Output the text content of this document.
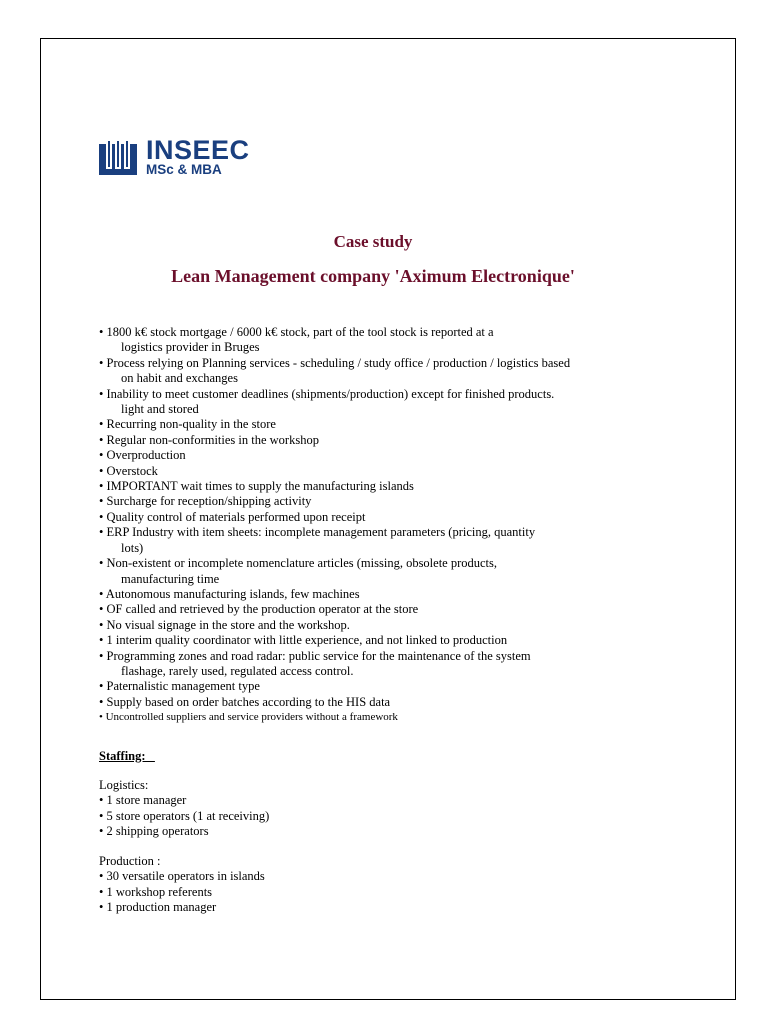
INSEEC
MSc & MBA
Case study
Lean Management company 'Aximum Electronique'
• 1800 k€ stock mortgage / 6000 k€ stock, part of the tool stock is reported at a
logistics provider in Bruges
• Process relying on Planning services - scheduling / study office / production / logistics based
on habit and exchanges
• Inability to meet customer deadlines (shipments/production) except for finished products.
light and stored
• Recurring non-quality in the store
• Regular non-conformities in the workshop
• Overproduction
• Overstock
• IMPORTANT wait times to supply the manufacturing islands
• Surcharge for reception/shipping activity
• Quality control of materials performed upon receipt
• ERP Industry with item sheets: incomplete management parameters (pricing, quantity
lots)
• Non-existent or incomplete nomenclature articles (missing, obsolete products,
manufacturing time
• Autonomous manufacturing islands, few machines
• OF called and retrieved by the production operator at the store
• No visual signage in the store and the workshop.
• 1 interim quality coordinator with little experience, and not linked to production
• Programming zones and road radar: public service for the maintenance of the system
flashage, rarely used, regulated access control.
• Paternalistic management type
• Supply based on order batches according to the HIS data
• Uncontrolled suppliers and service providers without a framework
Staffing:
Logistics:
• 1 store manager
• 5 store operators (1 at receiving)
• 2 shipping operators
Production :
• 30 versatile operators in islands
• 1 workshop referents
• 1 production manager
